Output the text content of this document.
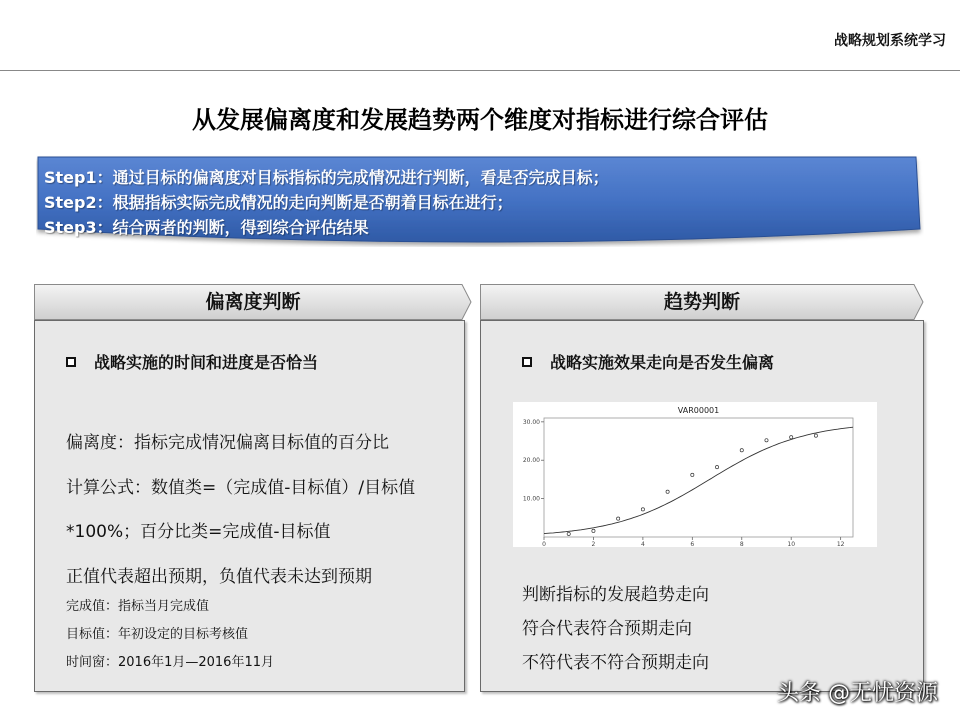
战略规划系统学习
从发展偏离度和发展趋势两个维度对指标进行综合评估
Step1：通过目标的偏离度对目标指标的完成情况进行判断，看是否完成目标；
Step2：根据指标实际完成情况的走向判断是否朝着目标在进行；
Step3：结合两者的判断，得到综合评估结果
偏离度判断
战略实施的时间和进度是否恰当
偏离度：指标完成情况偏离目标值的百分比
计算公式：数值类=（完成值-目标值）/目标值
*100%；百分比类=完成值-目标值
正值代表超出预期，负值代表未达到预期
完成值：指标当月完成值
目标值：年初设定的目标考核值
时间窗：2016年1月—2016年11月
趋势判断
战略实施效果走向是否发生偏离
VAR00001
10.00
20.00
30.00
0	2	4	6	8	10	12
判断指标的发展趋势走向
符合代表符合预期走向
不符代表不符合预期走向
头条 @无忧资源
